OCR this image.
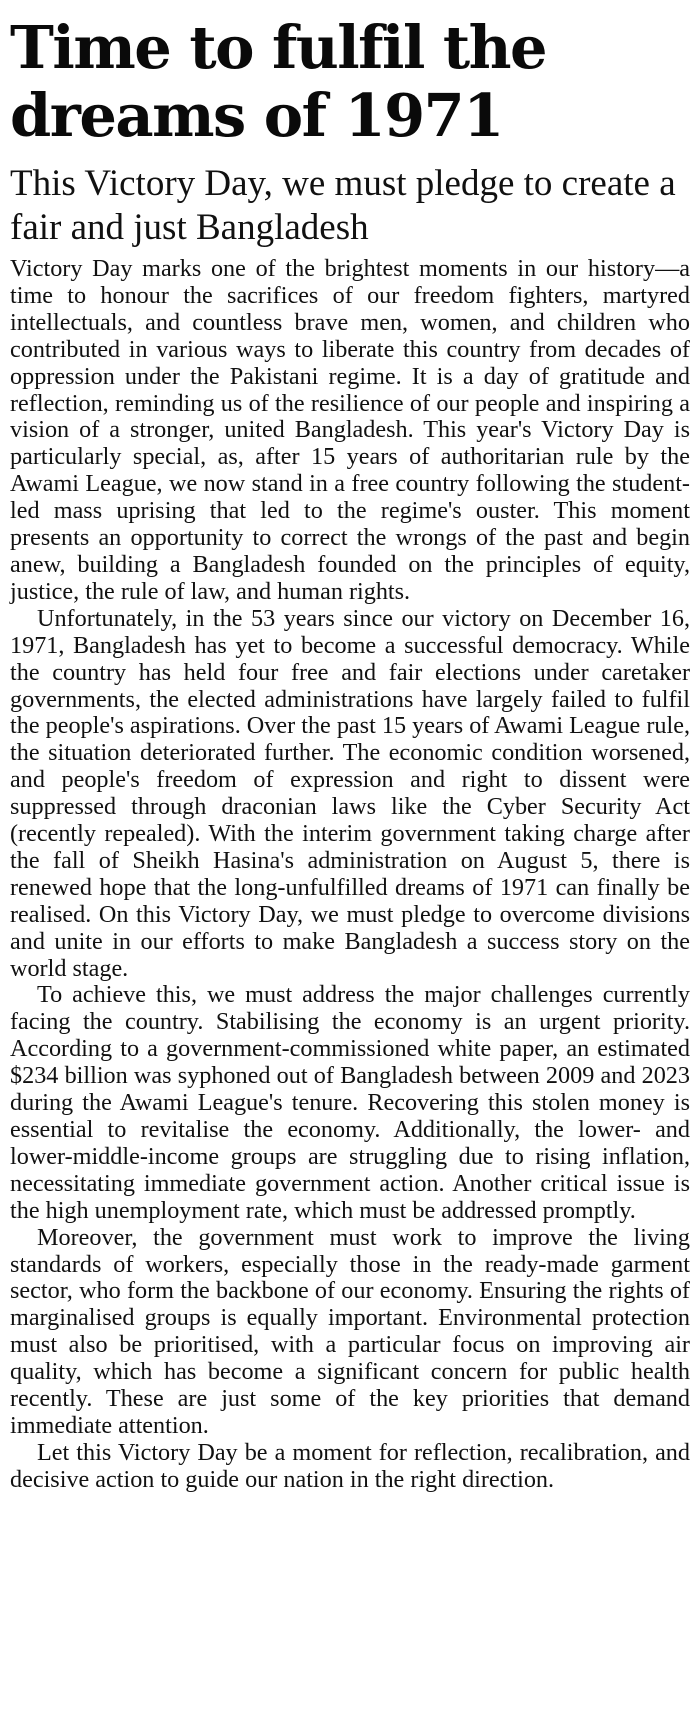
Time to fulfil the dreams of 1971
This Victory Day, we must pledge to create a fair and just Bangladesh

Victory Day marks one of the brightest moments in our history—a time to honour the sacrifices of our freedom fighters, martyred intellectuals, and countless brave men, women, and children who contributed in various ways to liberate this country from decades of oppression under the Pakistani regime. It is a day of gratitude and reflection, reminding us of the resilience of our people and inspiring a vision of a stronger, united Bangladesh. This year's Victory Day is particularly special, as, after 15 years of authoritarian rule by the Awami League, we now stand in a free country following the student-led mass uprising that led to the regime's ouster. This moment presents an opportunity to correct the wrongs of the past and begin anew, building a Bangladesh founded on the principles of equity, justice, the rule of law, and human rights.

Unfortunately, in the 53 years since our victory on December 16, 1971, Bangladesh has yet to become a successful democracy. While the country has held four free and fair elections under caretaker governments, the elected administrations have largely failed to fulfil the people's aspirations. Over the past 15 years of Awami League rule, the situation deteriorated further. The economic condition worsened, and people's freedom of expression and right to dissent were suppressed through draconian laws like the Cyber Security Act (recently repealed). With the interim government taking charge after the fall of Sheikh Hasina's administration on August 5, there is renewed hope that the long-unfulfilled dreams of 1971 can finally be realised. On this Victory Day, we must pledge to overcome divisions and unite in our efforts to make Bangladesh a success story on the world stage.

To achieve this, we must address the major challenges currently facing the country. Stabilising the economy is an urgent priority. According to a government-commissioned white paper, an estimated $234 billion was syphoned out of Bangladesh between 2009 and 2023 during the Awami League's tenure. Recovering this stolen money is essential to revitalise the economy. Additionally, the lower- and lower-middle-income groups are struggling due to rising inflation, necessitating immediate government action. Another critical issue is the high unemployment rate, which must be addressed promptly.

Moreover, the government must work to improve the living standards of workers, especially those in the ready-made garment sector, who form the backbone of our economy. Ensuring the rights of marginalised groups is equally important. Environmental protection must also be prioritised, with a particular focus on improving air quality, which has become a significant concern for public health recently. These are just some of the key priorities that demand immediate attention.

Let this Victory Day be a moment for reflection, recalibration, and decisive action to guide our nation in the right direction.
